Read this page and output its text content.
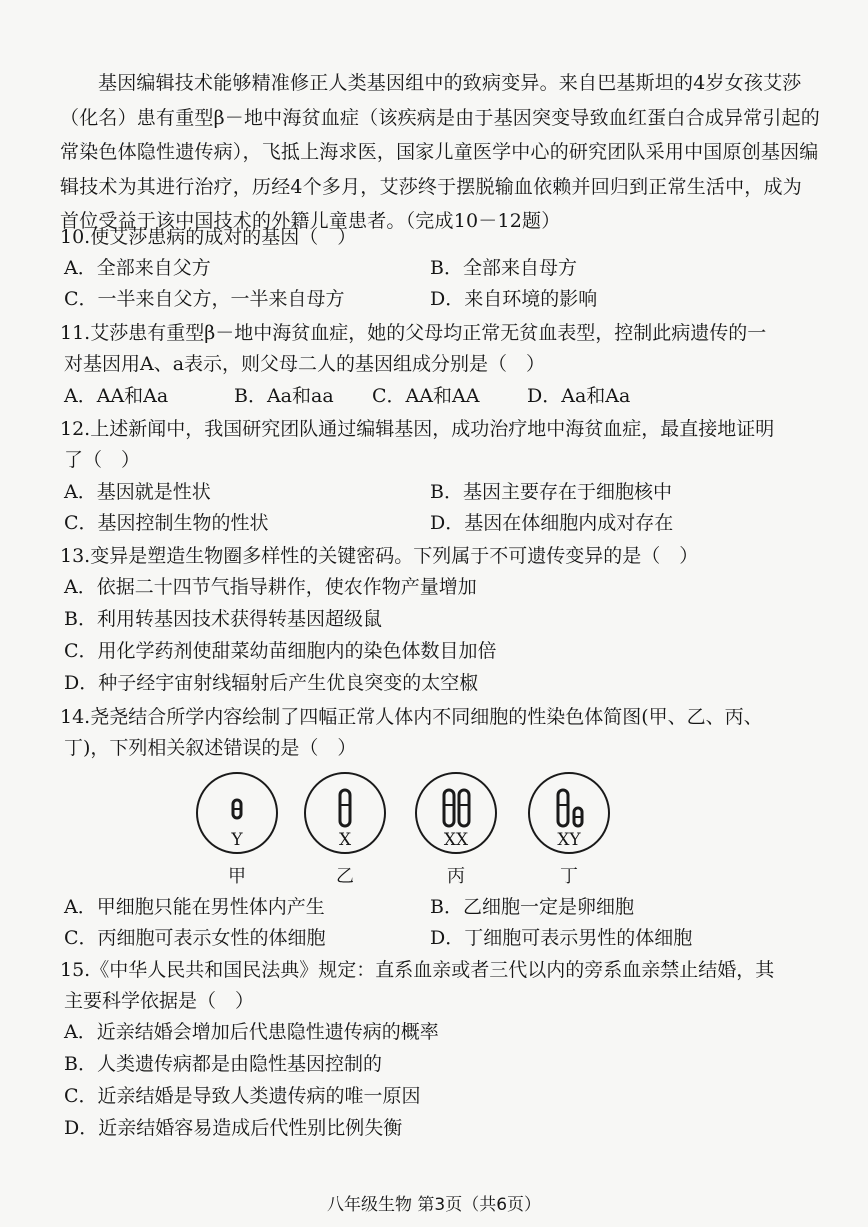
基因编辑技术能够精准修正人类基因组中的致病变异。来自巴基斯坦的4岁女孩艾莎（化名）患有重型β－地中海贫血症（该疾病是由于基因突变导致血红蛋白合成异常引起的常染色体隐性遗传病），飞抵上海求医，国家儿童医学中心的研究团队采用中国原创基因编辑技术为其进行治疗，历经4个多月，艾莎终于摆脱输血依赖并回归到正常生活中，成为首位受益于该中国技术的外籍儿童患者。（完成10－12题）

10.使艾莎患病的成对的基因（　）

A．全部来自父方	B．全部来自母方
C．一半来自父方，一半来自母方	D．来自环境的影响

11.艾莎患有重型β－地中海贫血症，她的父母均正常无贫血表型，控制此病遗传的一

对基因用A、a表示，则父母二人的基因组成分别是（　）

A．AA和Aa	B．Aa和aa C．AA和AA	D．Aa和Aa

12.上述新闻中，我国研究团队通过编辑基因，成功治疗地中海贫血症，最直接地证明

了（　）

A．基因就是性状	B．基因主要存在于细胞核中
C．基因控制生物的性状	D．基因在体细胞内成对存在

13.变异是塑造生物圈多样性的关键密码。下列属于不可遗传变异的是（　）

A．依据二十四节气指导耕作，使农作物产量增加
B．利用转基因技术获得转基因超级鼠
C．用化学药剂使甜菜幼苗细胞内的染色体数目加倍
D．种子经宇宙射线辐射后产生优良突变的太空椒

14.尧尧结合所学内容绘制了四幅正常人体内不同细胞的性染色体简图(甲、乙、丙、

丁)，下列相关叙述错误的是（　）

Y	X	XX	XY
甲	乙	丙	丁
A．甲细胞只能在男性体内产生	B．乙细胞一定是卵细胞
C．丙细胞可表示女性的体细胞	D．丁细胞可表示男性的体细胞

15.《中华人民共和国民法典》规定：直系血亲或者三代以内的旁系血亲禁止结婚，其

主要科学依据是（　）

A．近亲结婚会增加后代患隐性遗传病的概率
B．人类遗传病都是由隐性基因控制的
C．近亲结婚是导致人类遗传病的唯一原因
D．近亲结婚容易造成后代性别比例失衡
八年级生物 第3页（共6页）
